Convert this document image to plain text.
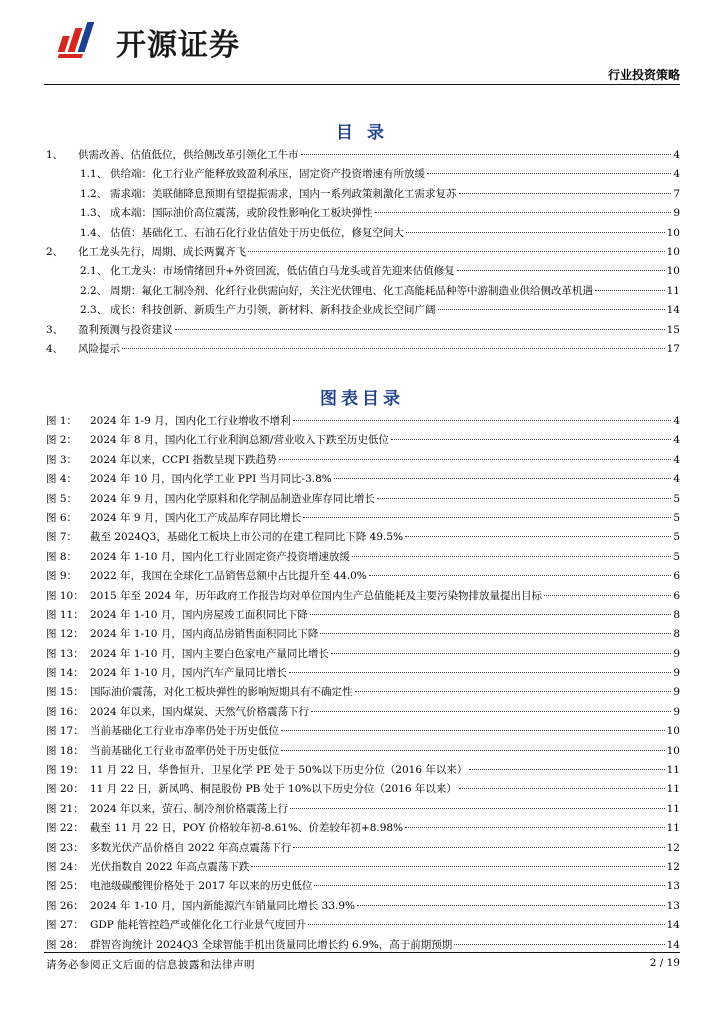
开源证券
行业投资策略
目 录
1、	供需改善、估值低位，供给侧改革引领化工牛市	4
1.1、 供给端：化工行业产能释放致盈利承压，固定资产投资增速有所放缓	4
1.2、 需求端：美联储降息预期有望提振需求，国内一系列政策刺激化工需求复苏	7
1.3、 成本端：国际油价高位震荡，或阶段性影响化工板块弹性	9
1.4、 估值：基础化工、石油石化行业估值处于历史低位，修复空间大	10
2、	化工龙头先行，周期、成长两翼齐飞	10
2.1、 化工龙头：市场情绪回升+外资回流，低估值白马龙头或首先迎来估值修复	10
2.2、 周期：氟化工制冷剂、化纤行业供需向好，关注光伏锂电、化工高能耗品种等中游制造业供给侧改革机遇	11
2.3、 成长：科技创新、新质生产力引领，新材料、新科技企业成长空间广阔	14
3、	盈利预测与投资建议	15
4、	风险提示	17
图表目录
图 1：	2024 年 1-9 月，国内化工行业增收不增利	4
图 2：	2024 年 8 月，国内化工行业利润总额/营业收入下跌至历史低位	4
图 3：	2024 年以来，CCPI 指数呈现下跌趋势	4
图 4：	2024 年 10 月，国内化学工业 PPI 当月同比-3.8%	4
图 5：	2024 年 9 月，国内化学原料和化学制品制造业库存同比增长	5
图 6：	2024 年 9 月，国内化工产成品库存同比增长	5
图 7：	截至 2024Q3，基础化工板块上市公司的在建工程同比下降 49.5%	5
图 8：	2024 年 1-10 月，国内化工行业固定资产投资增速放缓	5
图 9：	2022 年，我国在全球化工品销售总额中占比提升至 44.0%	6
图 10： 2015 年至 2024 年，历年政府工作报告均对单位国内生产总值能耗及主要污染物排放量提出目标	6
图 11： 2024 年 1-10 月，国内房屋竣工面积同比下降	8
图 12： 2024 年 1-10 月，国内商品房销售面积同比下降	8
图 13： 2024 年 1-10 月，国内主要白色家电产量同比增长	9
图 14： 2024 年 1-10 月，国内汽车产量同比增长	9
图 15： 国际油价震荡，对化工板块弹性的影响短期具有不确定性	9
图 16： 2024 年以来，国内煤炭、天然气价格震荡下行	9
图 17： 当前基础化工行业市净率仍处于历史低位	10
图 18： 当前基础化工行业市盈率仍处于历史低位	10
图 19： 11 月 22 日，华鲁恒升、卫星化学 PE 处于 50%以下历史分位（2016 年以来）	11
图 20： 11 月 22 日，新凤鸣、桐昆股份 PB 处于 10%以下历史分位（2016 年以来）	11
图 21： 2024 年以来，萤石、制冷剂价格震荡上行	11
图 22： 截至 11 月 22 日，POY 价格较年初-8.61%、价差较年初+8.98%	11
图 23： 多数光伏产品价格自 2022 年高点震荡下行	12
图 24： 光伏指数自 2022 年高点震荡下跌	12
图 25： 电池级碳酸锂价格处于 2017 年以来的历史低位	13
图 26： 2024 年 1-10 月，国内新能源汽车销量同比增长 33.9%	13
图 27： GDP 能耗管控趋严或催化化工行业景气度回升	14
图 28： 群智咨询统计 2024Q3 全球智能手机出货量同比增长约 6.9%，高于前期预期	14
请务必参阅正文后面的信息披露和法律声明	2 / 19
